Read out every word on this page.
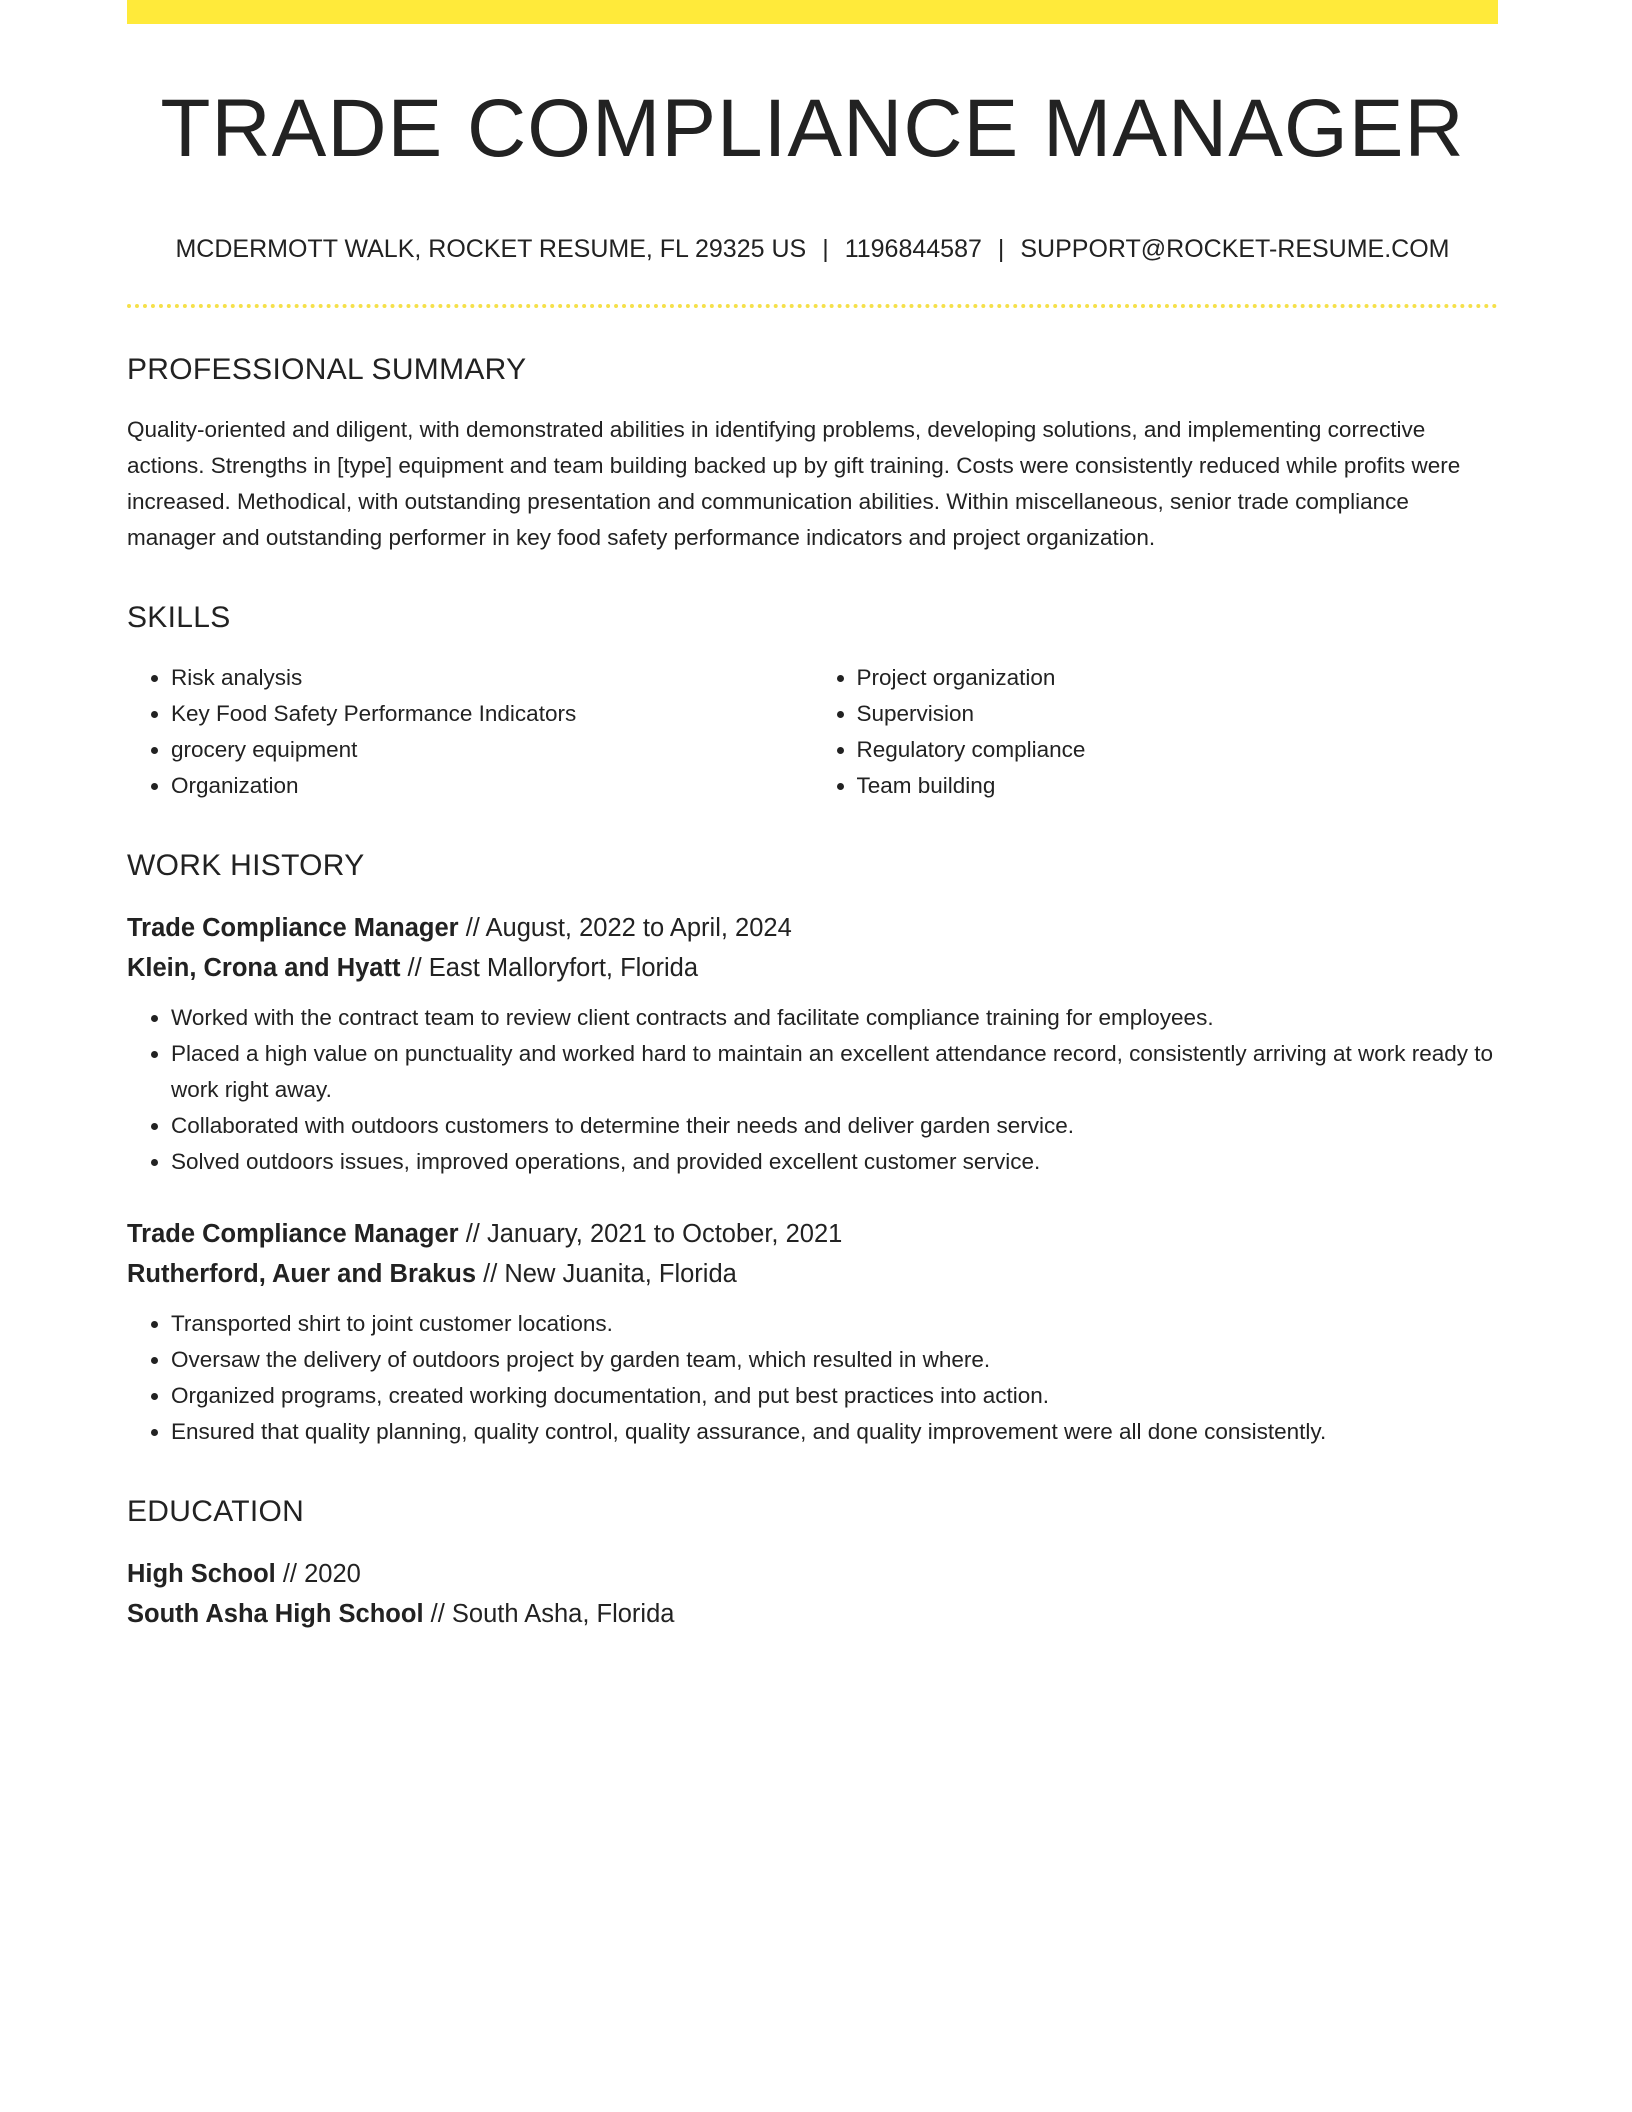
TRADE COMPLIANCE MANAGER
MCDERMOTT WALK, ROCKET RESUME, FL 29325 US | 1196844587 | SUPPORT@ROCKET-RESUME.COM
PROFESSIONAL SUMMARY
Quality-oriented and diligent, with demonstrated abilities in identifying problems, developing solutions, and implementing corrective actions. Strengths in [type] equipment and team building backed up by gift training. Costs were consistently reduced while profits were increased. Methodical, with outstanding presentation and communication abilities. Within miscellaneous, senior trade compliance manager and outstanding performer in key food safety performance indicators and project organization.
SKILLS
• Risk analysis
• Key Food Safety Performance Indicators
• grocery equipment
• Organization
• Project organization
• Supervision
• Regulatory compliance
• Team building
WORK HISTORY
Trade Compliance Manager // August, 2022 to April, 2024
Klein, Crona and Hyatt // East Malloryfort, Florida
• Worked with the contract team to review client contracts and facilitate compliance training for employees.
• Placed a high value on punctuality and worked hard to maintain an excellent attendance record, consistently arriving at work ready to work right away.
• Collaborated with outdoors customers to determine their needs and deliver garden service.
• Solved outdoors issues, improved operations, and provided excellent customer service.
Trade Compliance Manager // January, 2021 to October, 2021
Rutherford, Auer and Brakus // New Juanita, Florida
• Transported shirt to joint customer locations.
• Oversaw the delivery of outdoors project by garden team, which resulted in where.
• Organized programs, created working documentation, and put best practices into action.
• Ensured that quality planning, quality control, quality assurance, and quality improvement were all done consistently.
EDUCATION
High School // 2020
South Asha High School // South Asha, Florida
